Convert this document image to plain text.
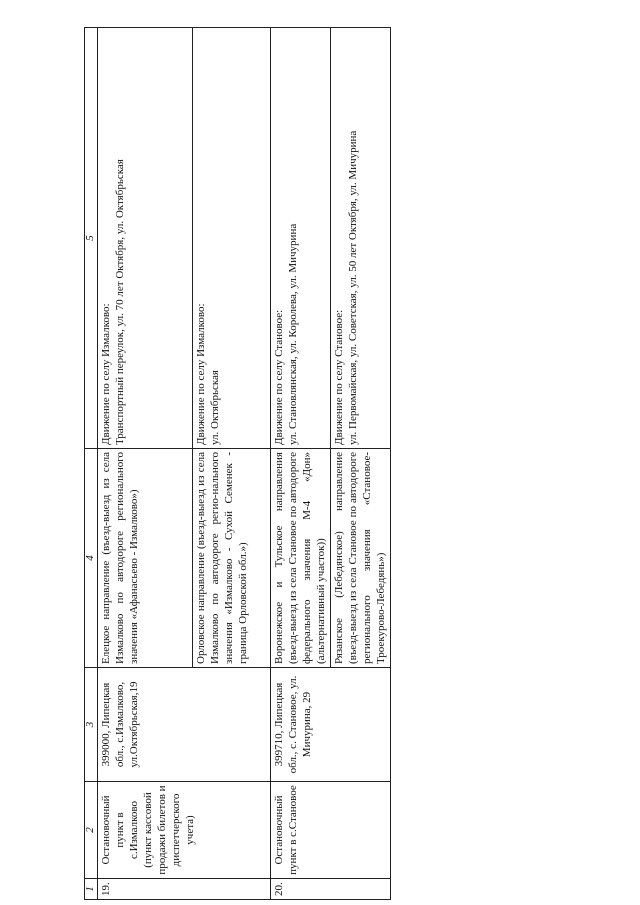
1	2	3	4	5
19.	Остановочный пункт в с.Измалково (пункт кассовой продажи билетов и диспетчерского учета)	399000, Липецкая обл., с.Измалково, ул.Октябрьская,19	Елецкое направление (въезд-выезд из села Измалково по автодороге регионального значения «Афанасьево - Измалково»)	Движение по селу Измалково: Транспортный переулок, ул. 70 лет Октября, ул. Октябрьская

			Орловское направление (въезд-выезд из села Измалково по автодороге регио-нального значения «Измалково - Сухой Семенек - граница Орловской обл.»)	Движение по селу Измалково: ул. Октябрьская

20.	Остановочный пункт в с.Становое	399710, Липецкая обл., с. Становое, ул. Мичурина, 29	Воронежское и Тульское направления (въезд-выезд из села Становое по автодороге федерального значения М-4 «Дон» (альтернативный участок))	Движение по селу Становое: ул. Становлянская, ул. Королева, ул. Мичурина

			Рязанское (Лебедянское) направление (въезд-выезд из села Становое по автодороге регионального значения «Становое-Троекурово-Лебедянь»)	Движение по селу Становое: ул. Первомайская, ул. Советская, ул. 50 лет Октября, ул. Мичурина
